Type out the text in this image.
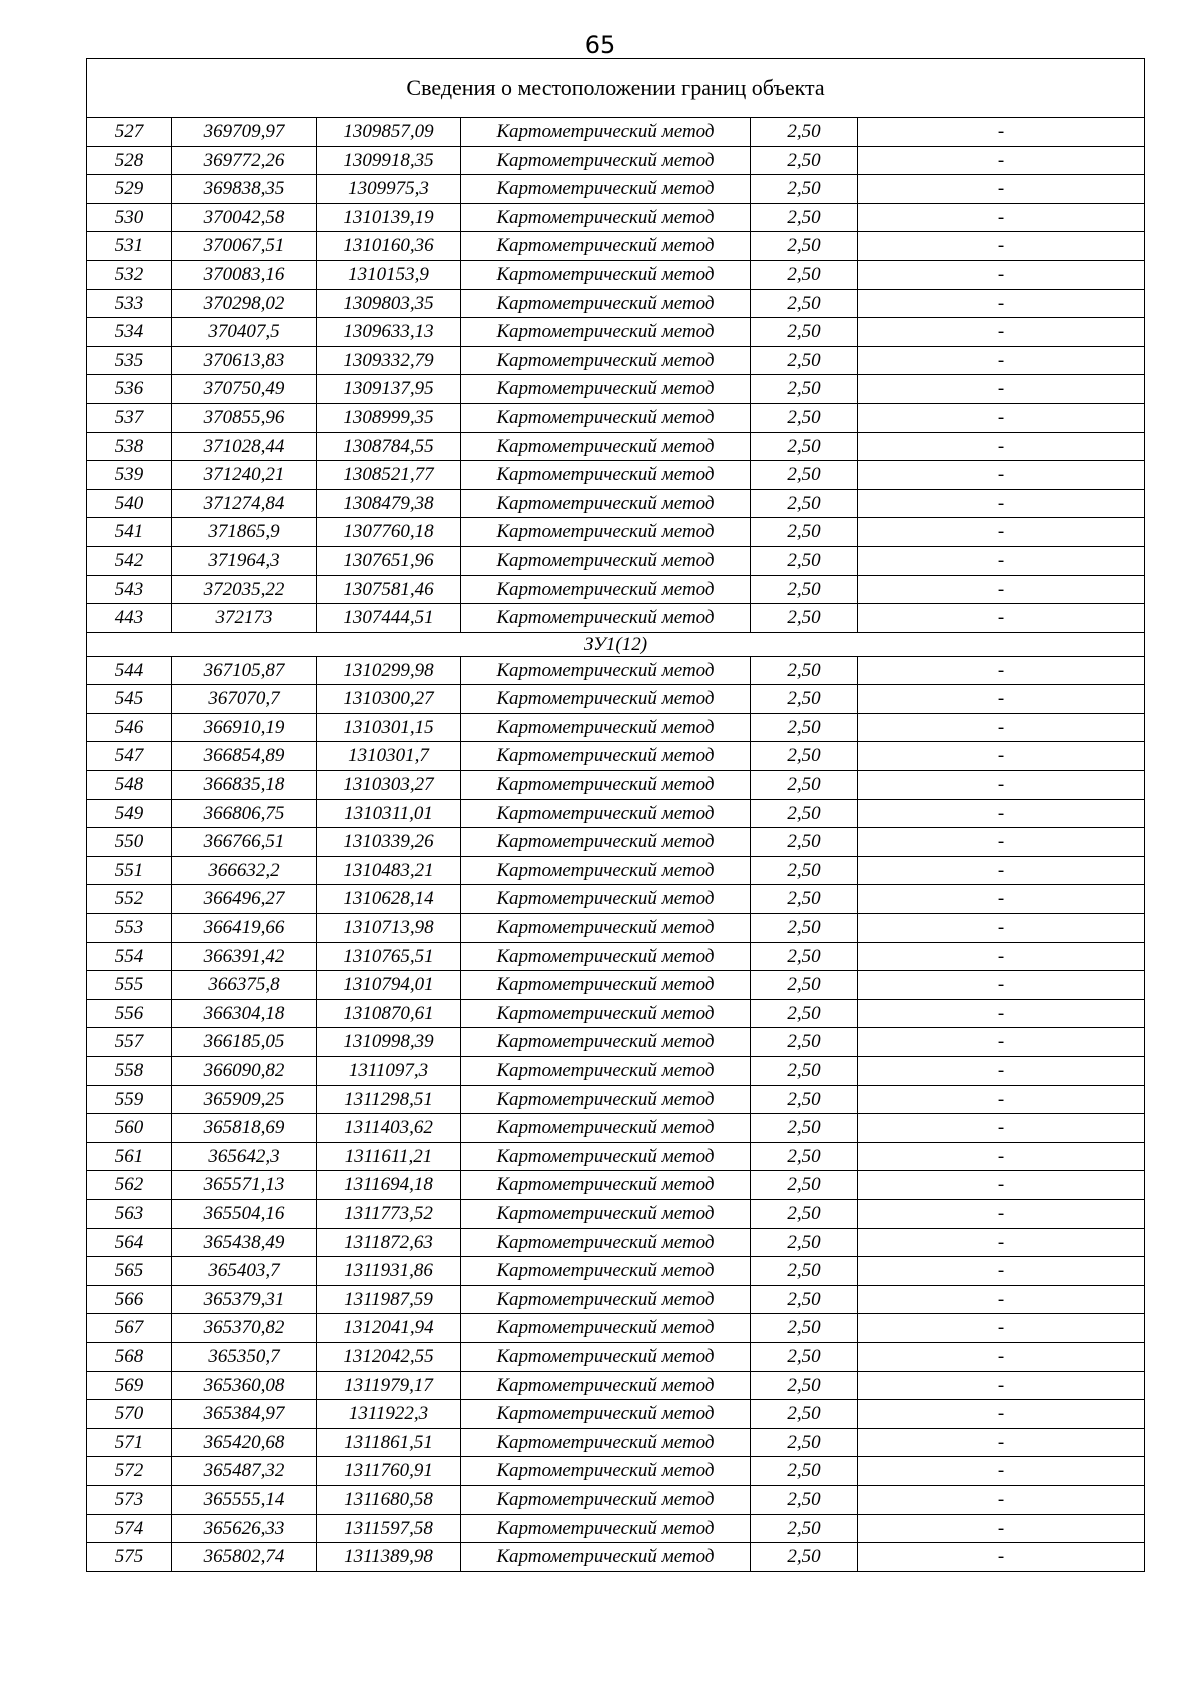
65
Сведения о местоположении границ объекта					
527	369709,97	1309857,09	Картометрический метод	2,50	-
528	369772,26	1309918,35	Картометрический метод	2,50	-
529	369838,35	1309975,3	Картометрический метод	2,50	-
530	370042,58	1310139,19	Картометрический метод	2,50	-
531	370067,51	1310160,36	Картометрический метод	2,50	-
532	370083,16	1310153,9	Картометрический метод	2,50	-
533	370298,02	1309803,35	Картометрический метод	2,50	-
534	370407,5	1309633,13	Картометрический метод	2,50	-
535	370613,83	1309332,79	Картометрический метод	2,50	-
536	370750,49	1309137,95	Картометрический метод	2,50	-
537	370855,96	1308999,35	Картометрический метод	2,50	-
538	371028,44	1308784,55	Картометрический метод	2,50	-
539	371240,21	1308521,77	Картометрический метод	2,50	-
540	371274,84	1308479,38	Картометрический метод	2,50	-
541	371865,9	1307760,18	Картометрический метод	2,50	-
542	371964,3	1307651,96	Картометрический метод	2,50	-
543	372035,22	1307581,46	Картометрический метод	2,50	-
443	372173	1307444,51	Картометрический метод	2,50	-
ЗУ1(12)					
544	367105,87	1310299,98	Картометрический метод	2,50	-
545	367070,7	1310300,27	Картометрический метод	2,50	-
546	366910,19	1310301,15	Картометрический метод	2,50	-
547	366854,89	1310301,7	Картометрический метод	2,50	-
548	366835,18	1310303,27	Картометрический метод	2,50	-
549	366806,75	1310311,01	Картометрический метод	2,50	-
550	366766,51	1310339,26	Картометрический метод	2,50	-
551	366632,2	1310483,21	Картометрический метод	2,50	-
552	366496,27	1310628,14	Картометрический метод	2,50	-
553	366419,66	1310713,98	Картометрический метод	2,50	-
554	366391,42	1310765,51	Картометрический метод	2,50	-
555	366375,8	1310794,01	Картометрический метод	2,50	-
556	366304,18	1310870,61	Картометрический метод	2,50	-
557	366185,05	1310998,39	Картометрический метод	2,50	-
558	366090,82	1311097,3	Картометрический метод	2,50	-
559	365909,25	1311298,51	Картометрический метод	2,50	-
560	365818,69	1311403,62	Картометрический метод	2,50	-
561	365642,3	1311611,21	Картометрический метод	2,50	-
562	365571,13	1311694,18	Картометрический метод	2,50	-
563	365504,16	1311773,52	Картометрический метод	2,50	-
564	365438,49	1311872,63	Картометрический метод	2,50	-
565	365403,7	1311931,86	Картометрический метод	2,50	-
566	365379,31	1311987,59	Картометрический метод	2,50	-
567	365370,82	1312041,94	Картометрический метод	2,50	-
568	365350,7	1312042,55	Картометрический метод	2,50	-
569	365360,08	1311979,17	Картометрический метод	2,50	-
570	365384,97	1311922,3	Картометрический метод	2,50	-
571	365420,68	1311861,51	Картометрический метод	2,50	-
572	365487,32	1311760,91	Картометрический метод	2,50	-
573	365555,14	1311680,58	Картометрический метод	2,50	-
574	365626,33	1311597,58	Картометрический метод	2,50	-
575	365802,74	1311389,98	Картометрический метод	2,50	-
